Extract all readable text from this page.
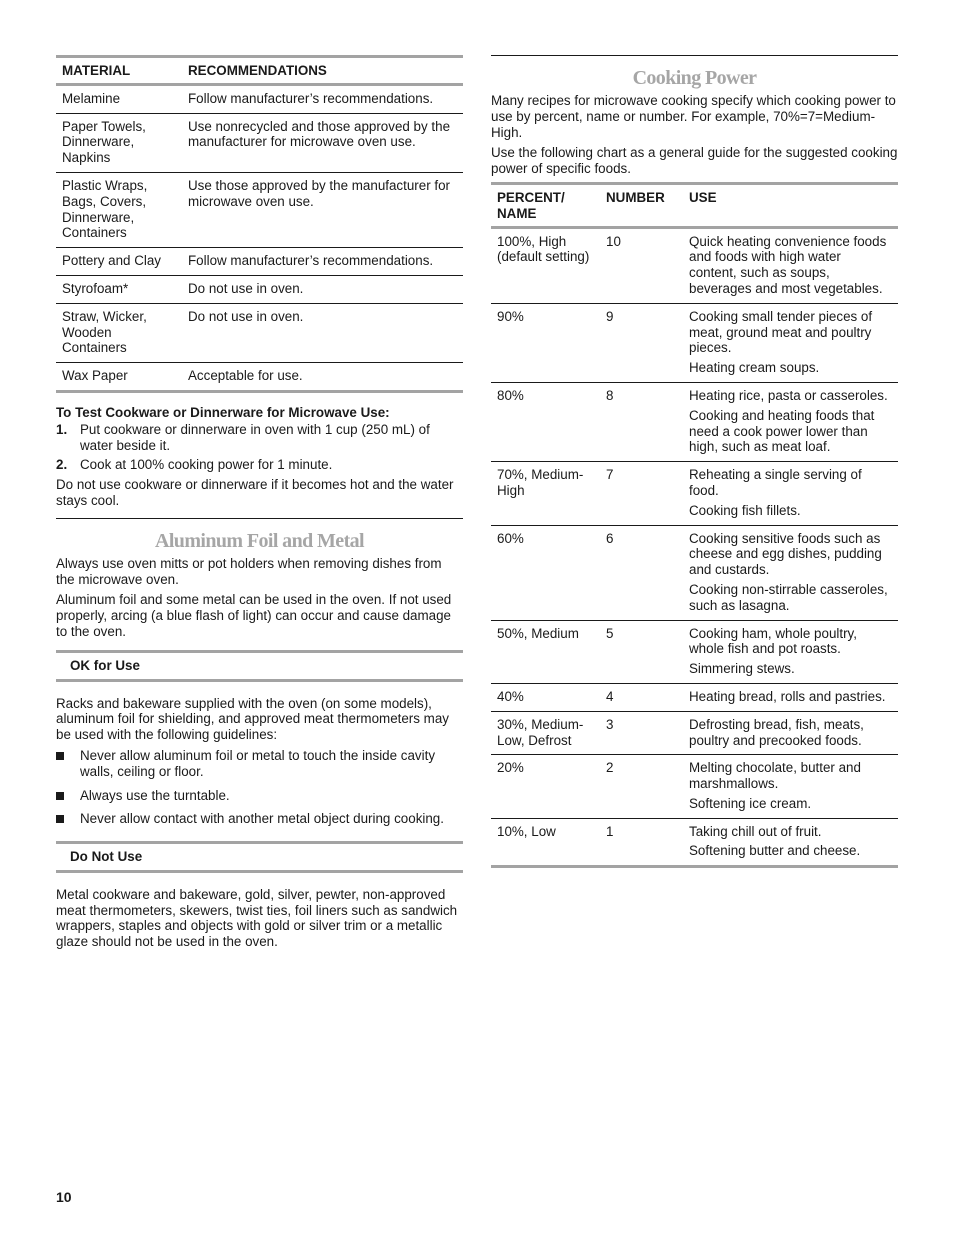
MATERIAL	RECOMMENDATIONS
Melamine	Follow manufacturer’s recommendations.
Paper Towels, Dinnerware, Napkins	Use nonrecycled and those approved by the manufacturer for microwave oven use.
Plastic Wraps, Bags, Covers, Dinnerware, Containers	Use those approved by the manufacturer for microwave oven use.
Pottery and Clay	Follow manufacturer’s recommendations.
Styrofoam*	Do not use in oven.
Straw, Wicker, Wooden Containers	Do not use in oven.
Wax Paper	Acceptable for use.
To Test Cookware or Dinnerware for Microwave Use:
1. Put cookware or dinnerware in oven with 1 cup (250 mL) of water beside it.
2. Cook at 100% cooking power for 1 minute.

Do not use cookware or dinnerware if it becomes hot and the water stays cool.

Aluminum Foil and Metal

Always use oven mitts or pot holders when removing dishes from the microwave oven.

Aluminum foil and some metal can be used in the oven. If not used properly, arcing (a blue flash of light) can occur and cause damage to the oven.

OK for Use

Racks and bakeware supplied with the oven (on some models), aluminum foil for shielding, and approved meat thermometers may be used with the following guidelines:

Never allow aluminum foil or metal to touch the inside cavity walls, ceiling or floor.
Always use the turntable.
Never allow contact with another metal object during cooking.
Do Not Use

Metal cookware and bakeware, gold, silver, pewter, non-approved meat thermometers, skewers, twist ties, foil liners such as sandwich wrappers, staples and objects with gold or silver trim or a metallic glaze should not be used in the oven.

Cooking Power

Many recipes for microwave cooking specify which cooking power to use by percent, name or number. For example, 70%=7=Medium-High.

Use the following chart as a general guide for the suggested cooking power of specific foods.

PERCENT/ NAME	NUMBER	USE
100%, High (default setting)	10	Quick heating convenience foods and foods with high water content, such as soups, beverages and most vegetables.

90%	9	Cooking small tender pieces of meat, ground meat and poultry pieces.

Heating cream soups.

80%	8	Heating rice, pasta or casseroles.

Cooking and heating foods that need a cook power lower than high, such as meat loaf.

70%, Medium-High	7	Reheating a single serving of food.

Cooking fish fillets.

60%	6	Cooking sensitive foods such as cheese and egg dishes, pudding and custards.

Cooking non-stirrable casseroles, such as lasagna.

50%, Medium	5	Cooking ham, whole poultry, whole fish and pot roasts.

Simmering stews.

40%	4	Heating bread, rolls and pastries.

30%, Medium-Low, Defrost	3	Defrosting bread, fish, meats, poultry and precooked foods.

20%	2	Melting chocolate, butter and marshmallows.

Softening ice cream.

10%, Low	1	Taking chill out of fruit.

Softening butter and cheese.

10
